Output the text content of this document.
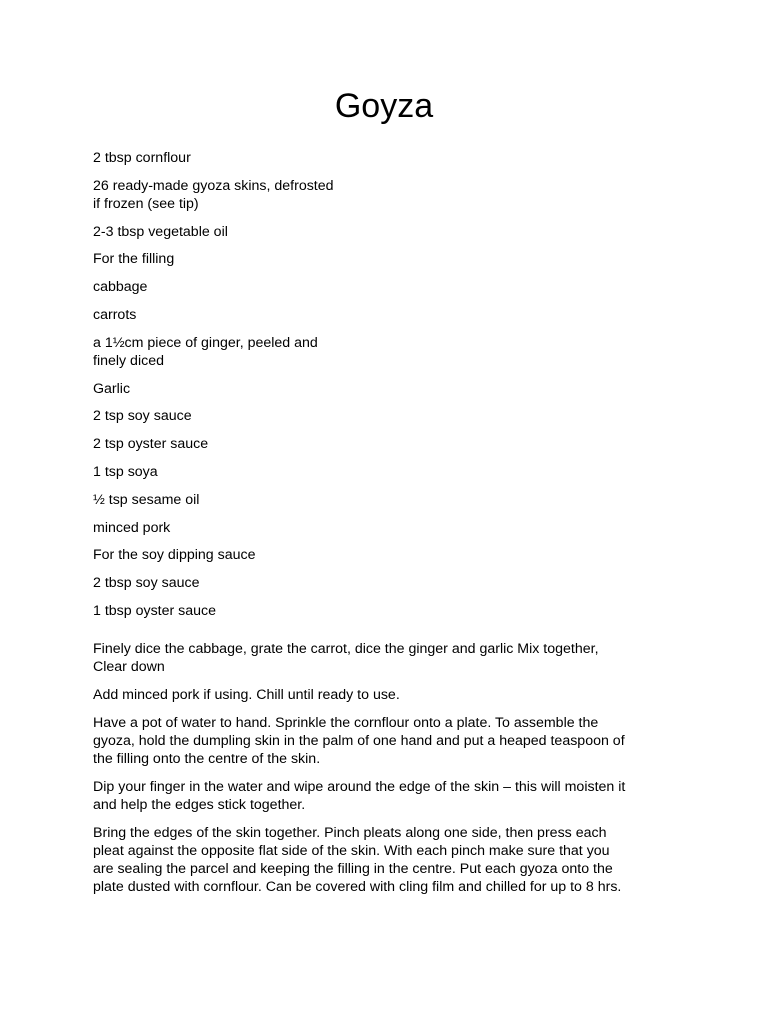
Goyza
2 tbsp cornflour
26 ready-made gyoza skins, defrosted
if frozen (see tip)
2-3 tbsp vegetable oil
For the filling
cabbage
carrots
a 1½cm piece of ginger, peeled and
finely diced
Garlic
2 tsp soy sauce
2 tsp oyster sauce
1 tsp soya
½ tsp sesame oil
minced pork
For the soy dipping sauce
2 tbsp soy sauce
1 tbsp oyster sauce

Finely dice the cabbage, grate the carrot, dice the ginger and garlic Mix together,
Clear down

Add minced pork if using. Chill until ready to use.

Have a pot of water to hand. Sprinkle the cornflour onto a plate. To assemble the
gyoza, hold the dumpling skin in the palm of one hand and put a heaped teaspoon of
the filling onto the centre of the skin.

Dip your finger in the water and wipe around the edge of the skin – this will moisten it
and help the edges stick together.

Bring the edges of the skin together. Pinch pleats along one side, then press each
pleat against the opposite flat side of the skin. With each pinch make sure that you
are sealing the parcel and keeping the filling in the centre. Put each gyoza onto the
plate dusted with cornflour. Can be covered with cling film and chilled for up to 8 hrs.
